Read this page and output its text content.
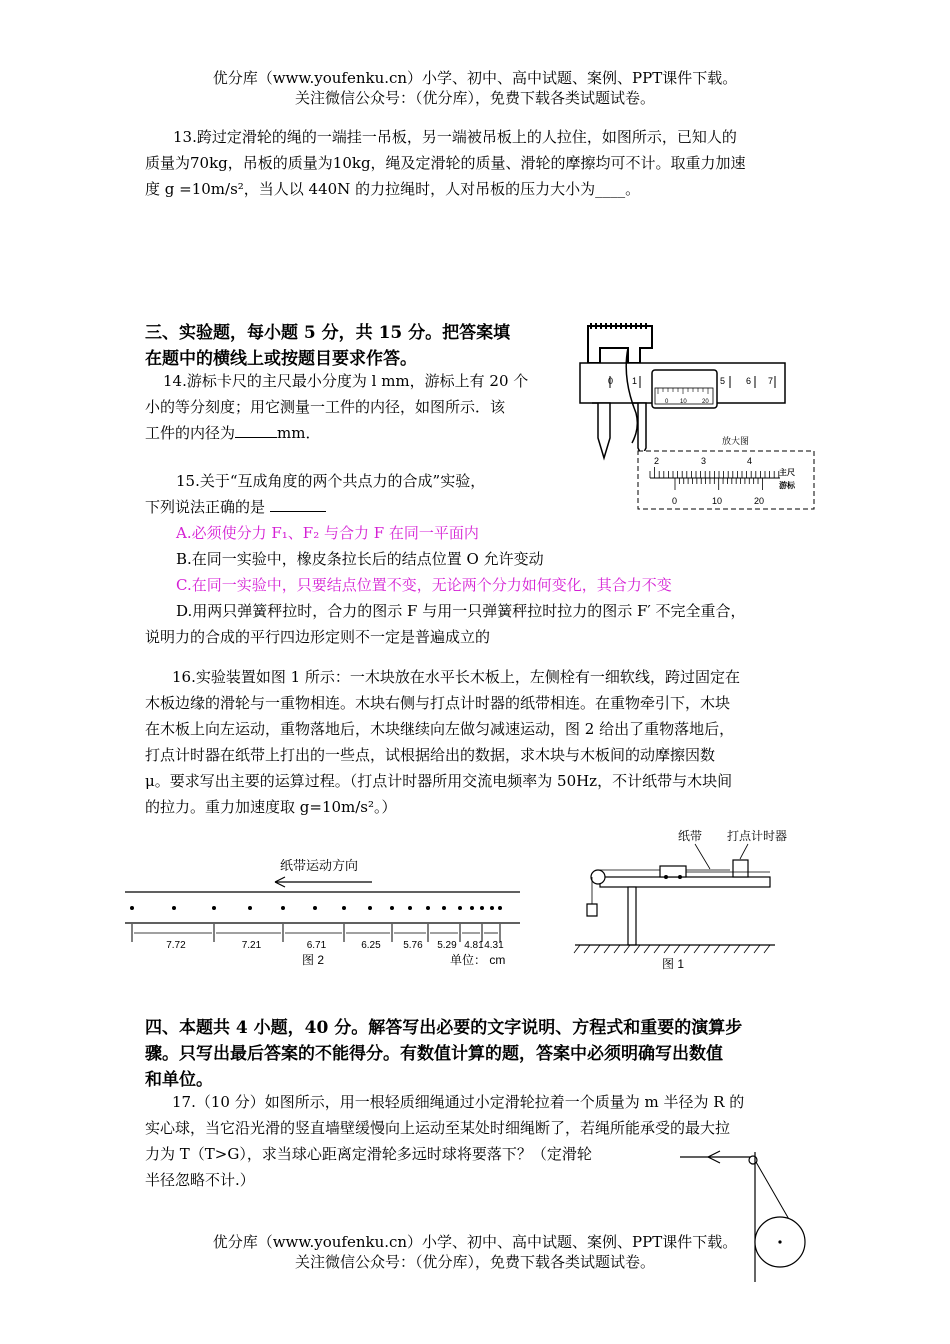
优分库（www.youfenku.cn）小学、初中、高中试题、案例、PPT课件下载。
关注微信公众号：（优分库），免费下载各类试题试卷。
13.跨过定滑轮的绳的一端挂一吊板，另一端被吊板上的人拉住，如图所示，已知人的
质量为70kg，吊板的质量为10kg，绳及定滑轮的质量、滑轮的摩擦均可不计。取重力加速
度 g =10m/s²，当人以 440N 的力拉绳时，人对吊板的压力大小为____。
三、实验题，每小题 5 分，共 15 分。把答案填
在题中的横线上或按题目要求作答。
14.游标卡尺的主尺最小分度为 l mm，游标上有 20 个
小的等分刻度；用它测量一工件的内径，如图所示．该
工件的内径为	mm．
0 1	5 6 7
0 10	20
放大图
2	3	4
主尺
游标
0	10	20
15.关于“互成角度的两个共点力的合成”实验，
下列说法正确的是
A.必须使分力 F₁、F₂ 与合力 F 在同一平面内
B.在同一实验中，橡皮条拉长后的结点位置 O 允许变动
C.在同一实验中，只要结点位置不变，无论两个分力如何变化，其合力不变
D.用两只弹簧秤拉时，合力的图示 F 与用一只弹簧秤拉时拉力的图示 F′ 不完全重合，
说明力的合成的平行四边形定则不一定是普遍成立的
16.实验装置如图 1 所示：一木块放在水平长木板上，左侧栓有一细软线，跨过固定在
木板边缘的滑轮与一重物相连。木块右侧与打点计时器的纸带相连。在重物牵引下，木块
在木板上向左运动，重物落地后，木块继续向左做匀减速运动，图 2 给出了重物落地后，
打点计时器在纸带上打出的一些点，试根据给出的数据，求木块与木板间的动摩擦因数
μ。要求写出主要的运算过程。（打点计时器所用交流电频率为 50Hz，不计纸带与木块间
的拉力。重力加速度取 g=10m/s²。）
纸带运动方向
7.72	7.21	6.71	6.25 5.76 5.29 4.81 4.31
图 2	单位： cm
纸带 打点计时器
图 1
四、本题共 4 小题，40 分。解答写出必要的文字说明、方程式和重要的演算步
骤。只写出最后答案的不能得分。有数值计算的题，答案中必须明确写出数值
和单位。
17.（10 分）如图所示，用一根轻质细绳通过小定滑轮拉着一个质量为 m 半径为 R 的
实心球，当它沿光滑的竖直墙壁缓慢向上运动至某处时细绳断了，若绳所能承受的最大拉
力为 T（T>G），求当球心距离定滑轮多远时球将要落下？（定滑轮
半径忽略不计.）
优分库（www.youfenku.cn）小学、初中、高中试题、案例、PPT课件下载。
关注微信公众号：（优分库），免费下载各类试题试卷。
